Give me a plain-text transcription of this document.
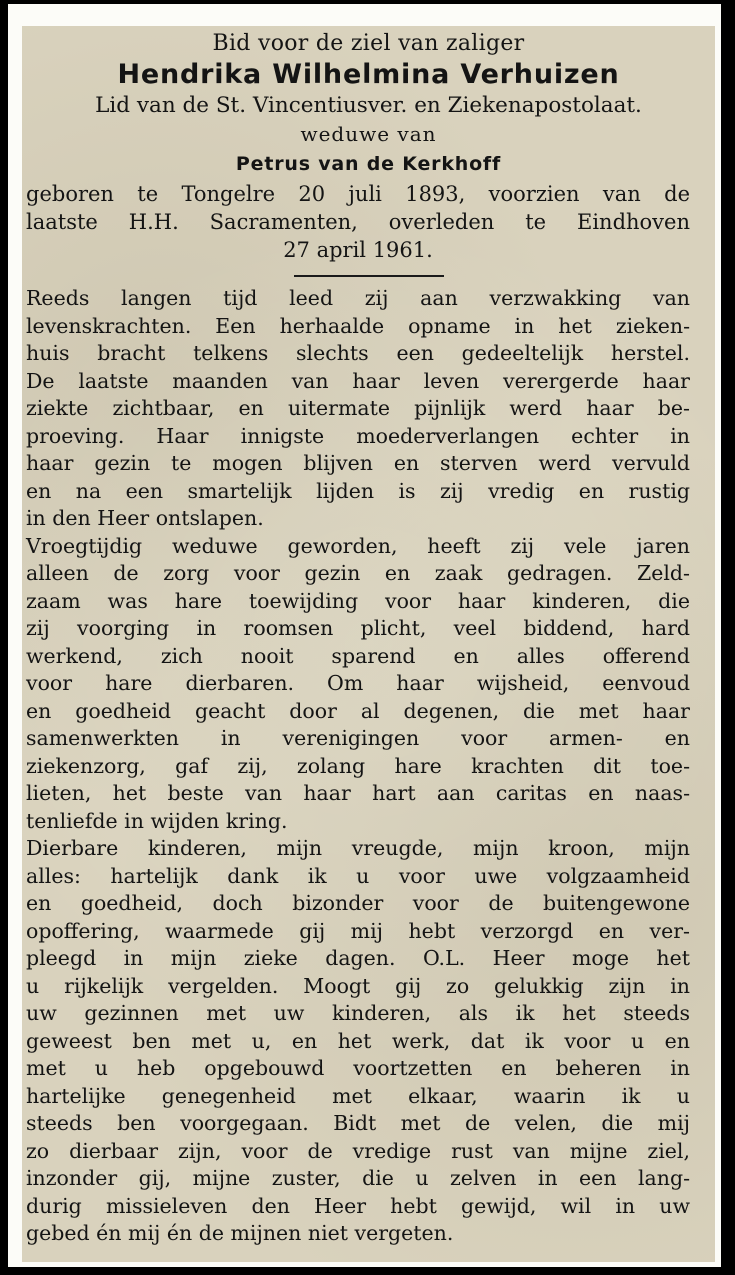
Bid voor de ziel van zaliger
Hendrika Wilhelmina Verhuizen
Lid van de St. Vincentiusver. en Ziekenapostolaat.
weduwe van
Petrus van de Kerkhoff
geboren te Tongelre 20 juli 1893, voorzien van de
laatste H.H. Sacramenten, overleden te Eindhoven
27 april 1961.
Reeds langen tijd leed zij aan verzwakking van
levenskrachten. Een herhaalde opname in het zieken-
huis bracht telkens slechts een gedeeltelijk herstel.
De laatste maanden van haar leven verergerde haar
ziekte zichtbaar, en uitermate pijnlijk werd haar be-
proeving. Haar innigste moederverlangen echter in
haar gezin te mogen blijven en sterven werd vervuld
en na een smartelijk lijden is zij vredig en rustig
in den Heer ontslapen.
Vroegtijdig weduwe geworden, heeft zij vele jaren
alleen de zorg voor gezin en zaak gedragen. Zeld-
zaam was hare toewijding voor haar kinderen, die
zij voorging in roomsen plicht, veel biddend, hard
werkend, zich nooit sparend en alles offerend
voor hare dierbaren. Om haar wijsheid, eenvoud
en goedheid geacht door al degenen, die met haar
samenwerkten in verenigingen voor armen- en
ziekenzorg, gaf zij, zolang hare krachten dit toe-
lieten, het beste van haar hart aan caritas en naas-
tenliefde in wijden kring.
Dierbare kinderen, mijn vreugde, mijn kroon, mijn
alles: hartelijk dank ik u voor uwe volgzaamheid
en goedheid, doch bizonder voor de buitengewone
opoffering, waarmede gij mij hebt verzorgd en ver-
pleegd in mijn zieke dagen. O.L. Heer moge het
u rijkelijk vergelden. Moogt gij zo gelukkig zijn in
uw gezinnen met uw kinderen, als ik het steeds
geweest ben met u, en het werk, dat ik voor u en
met u heb opgebouwd voortzetten en beheren in
hartelijke genegenheid met elkaar, waarin ik u
steeds ben voorgegaan. Bidt met de velen, die mij
zo dierbaar zijn, voor de vredige rust van mijne ziel,
inzonder gij, mijne zuster, die u zelven in een lang-
durig missieleven den Heer hebt gewijd, wil in uw
gebed én mij én de mijnen niet vergeten.
